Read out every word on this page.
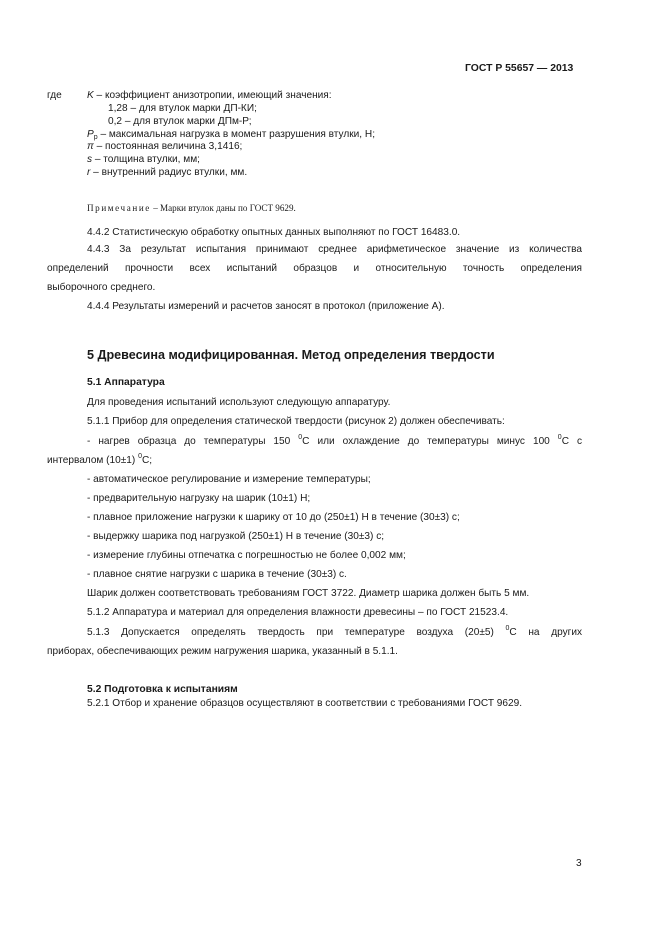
ГОСТ Р 55657 — 2013
где	K – коэффициент анизотропии, имеющий значения:
1,28 – для втулок марки ДП-КИ;
0,2 – для втулок марки ДПм-Р;
$P_р$ – максимальная нагрузка в момент разрушения втулки, Н;
π – постоянная величина 3,1416;
s – толщина втулки, мм;
r – внутренний радиус втулки, мм.
Примечание – Марки втулок даны по ГОСТ 9629.
4.4.2 Статистическую обработку опытных данных выполняют по ГОСТ 16483.0.
4.4.3 За результат испытания принимают среднее арифметическое значение из количества
определений прочности всех испытаний образцов и относительную точность определения
выборочного среднего.
4.4.4 Результаты измерений и расчетов заносят в протокол (приложение А).
5 Древесина модифицированная. Метод определения твердости
5.1 Аппаратура
Для проведения испытаний используют следующую аппаратуру.
5.1.1 Прибор для определения статической твердости (рисунок 2) должен обеспечивать:
- нагрев образца до температуры 150 $^0$С или охлаждение до температуры минус 100 $^0$С с
интервалом (10±1) $^0$С;
- автоматическое регулирование и измерение температуры;
- предварительную нагрузку на шарик (10±1) Н;
- плавное приложение нагрузки к шарику от 10 до (250±1) Н в течение (30±3) с;
- выдержку шарика под нагрузкой (250±1) Н в течение (30±3) с;
- измерение глубины отпечатка с погрешностью не более 0,002 мм;
- плавное снятие нагрузки с шарика в течение (30±3) с.
Шарик должен соответствовать требованиям ГОСТ 3722. Диаметр шарика должен быть 5 мм.
5.1.2 Аппаратура и материал для определения влажности древесины – по ГОСТ 21523.4.
5.1.3 Допускается определять твердость при температуре воздуха (20±5) $^0$С на других
приборах, обеспечивающих режим нагружения шарика, указанный в 5.1.1.
5.2 Подготовка к испытаниям
5.2.1 Отбор и хранение образцов осуществляют в соответствии с требованиями ГОСТ 9629.
3
